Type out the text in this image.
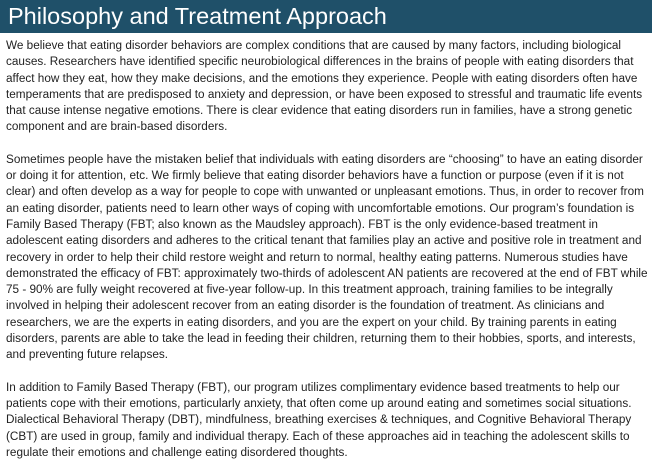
Philosophy and Treatment Approach

We believe that eating disorder behaviors are complex conditions that are caused by many factors, including biological causes. Researchers have identified specific neurobiological differences in the brains of people with eating disorders that affect how they eat, how they make decisions, and the emotions they experience. People with eating disorders often have temperaments that are predisposed to anxiety and depression, or have been exposed to stressful and traumatic life events that cause intense negative emotions. There is clear evidence that eating disorders run in families, have a strong genetic component and are brain-based disorders.

Sometimes people have the mistaken belief that individuals with eating disorders are “choosing” to have an eating disorder or doing it for attention, etc. We firmly believe that eating disorder behaviors have a function or purpose (even if it is not clear) and often develop as a way for people to cope with unwanted or unpleasant emotions. Thus, in order to recover from an eating disorder, patients need to learn other ways of coping with uncomfortable emotions. Our program’s foundation is Family Based Therapy (FBT; also known as the Maudsley approach). FBT is the only evidence-based treatment in adolescent eating disorders and adheres to the critical tenant that families play an active and positive role in treatment and recovery in order to help their child restore weight and return to normal, healthy eating patterns. Numerous studies have demonstrated the efficacy of FBT: approximately two-thirds of adolescent AN patients are recovered at the end of FBT while 75 - 90% are fully weight recovered at five-year follow-up. In this treatment approach, training families to be integrally involved in helping their adolescent recover from an eating disorder is the foundation of treatment. As clinicians and researchers, we are the experts in eating disorders, and you are the expert on your child. By training parents in eating disorders, parents are able to take the lead in feeding their children, returning them to their hobbies, sports, and interests, and preventing future relapses.

In addition to Family Based Therapy (FBT), our program utilizes complimentary evidence based treatments to help our patients cope with their emotions, particularly anxiety, that often come up around eating and sometimes social situations. Dialectical Behavioral Therapy (DBT), mindfulness, breathing exercises & techniques, and Cognitive Behavioral Therapy (CBT) are used in group, family and individual therapy. Each of these approaches aid in teaching the adolescent skills to regulate their emotions and challenge eating disordered thoughts.
